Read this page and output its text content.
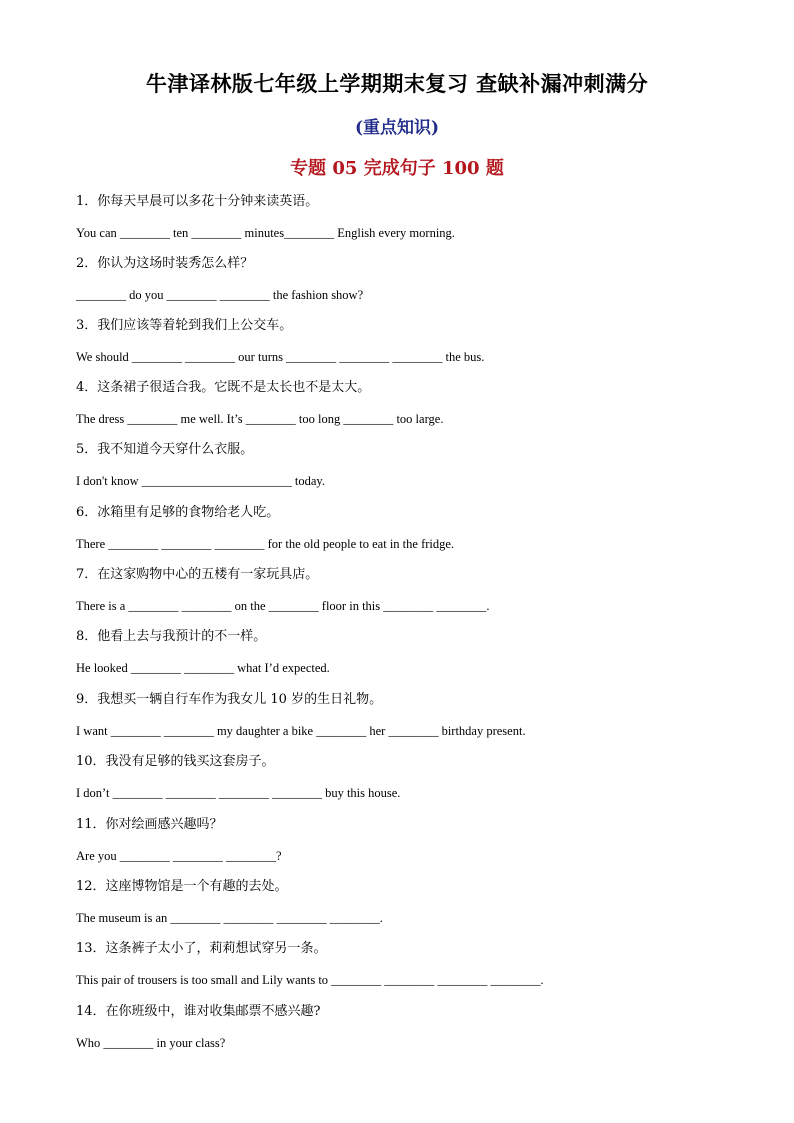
牛津译林版七年级上学期期末复习 查缺补漏冲刺满分
(重点知识)
专题 05 完成句子 100 题
1．你每天早晨可以多花十分钟来读英语。
You can ________ ten ________ minutes________ English every morning.
2．你认为这场时装秀怎么样？
________ do you ________ ________ the fashion show?
3．我们应该等着轮到我们上公交车。
We should ________ ________ our turns ________ ________ ________ the bus.
4．这条裙子很适合我。它既不是太长也不是太大。
The dress ________ me well. It’s ________ too long ________ too large.
5．我不知道今天穿什么衣服。
I don't know ________________________ today.
6．冰箱里有足够的食物给老人吃。
There ________ ________ ________ for the old people to eat in the fridge.
7．在这家购物中心的五楼有一家玩具店。
There is a ________ ________ on the ________ floor in this ________ ________.
8．他看上去与我预计的不一样。
He looked ________ ________ what I’d expected.
9．我想买一辆自行车作为我女儿 10 岁的生日礼物。
I want ________ ________ my daughter a bike ________ her ________ birthday present.
10．我没有足够的钱买这套房子。
I don’t ________ ________ ________ ________ buy this house.
11．你对绘画感兴趣吗？
Are you ________ ________ ________?
12．这座博物馆是一个有趣的去处。
The museum is an ________ ________ ________ ________.
13．这条裤子太小了，莉莉想试穿另一条。
This pair of trousers is too small and Lily wants to ________ ________ ________ ________.
14．在你班级中，谁对收集邮票不感兴趣?
Who ________ in your class?
